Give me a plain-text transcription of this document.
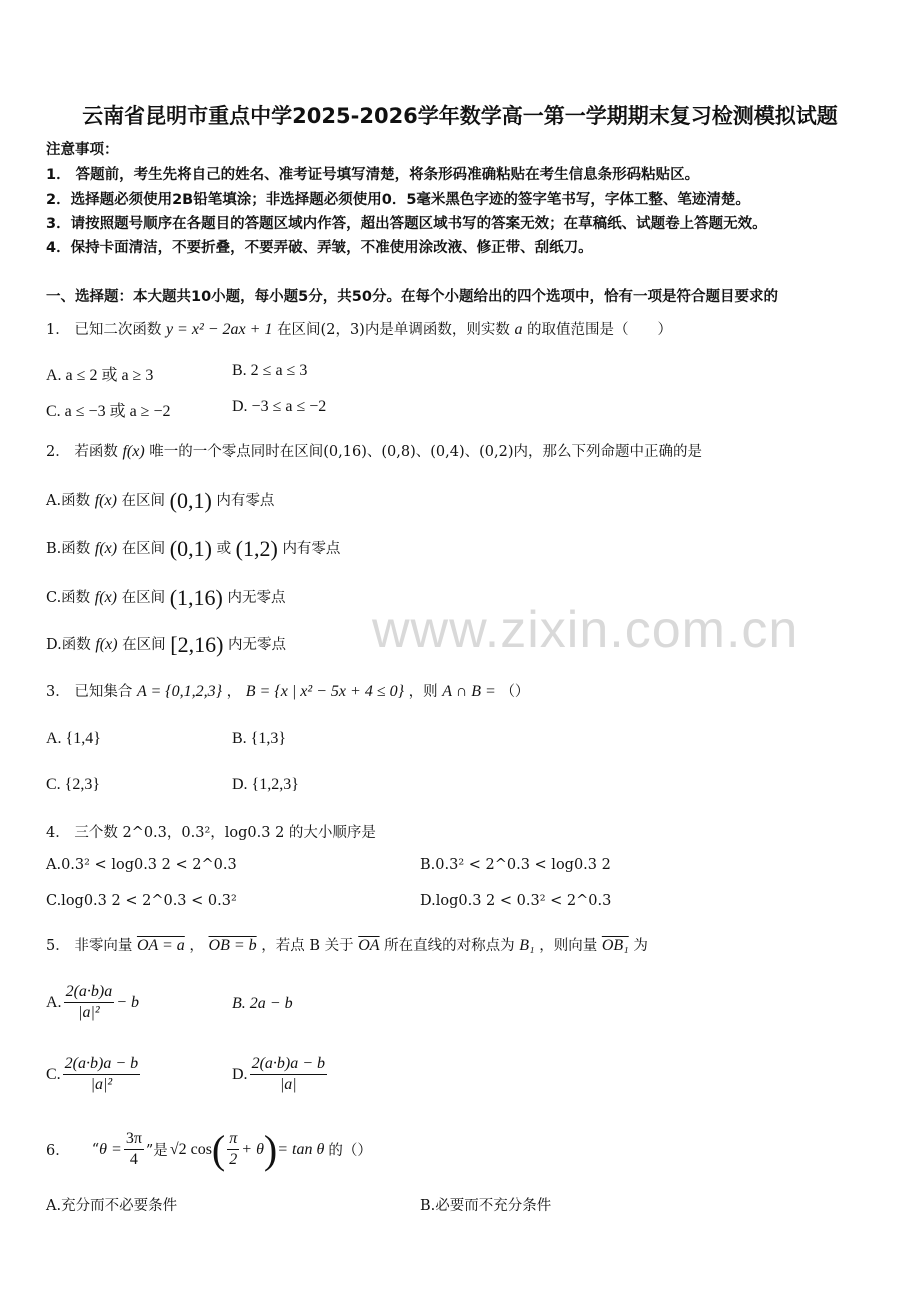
云南省昆明市重点中学2025-2026学年数学高一第一学期期末复习检测模拟试题
注意事项：
1． 答题前，考生先将自己的姓名、准考证号填写清楚，将条形码准确粘贴在考生信息条形码粘贴区。
2．选择题必须使用2B铅笔填涂；非选择题必须使用0．5毫米黑色字迹的签字笔书写，字体工整、笔迹清楚。
3．请按照题号顺序在各题目的答题区域内作答，超出答题区域书写的答案无效；在草稿纸、试题卷上答题无效。
4．保持卡面清洁，不要折叠，不要弄破、弄皱，不准使用涂改液、修正带、刮纸刀。
一、选择题：本大题共10小题，每小题5分，共50分。在每个小题给出的四个选项中，恰有一项是符合题目要求的
www.zixin.com.cn
1． 已知二次函数 y = x² − 2ax + 1 在区间(2，3)内是单调函数，则实数 a 的取值范围是（　　）
A. a ≤ 2 或 a ≥ 3	B. 2 ≤ a ≤ 3
C. a ≤ −3 或 a ≥ −2	D. −3 ≤ a ≤ −2
2． 若函数 f(x) 唯一的一个零点同时在区间(0,16)、(0,8)、(0,4)、(0,2)内，那么下列命题中正确的是
A.函数 f(x) 在区间 (0,1) 内有零点
B.函数 f(x) 在区间 (0,1) 或 (1,2) 内有零点
C.函数 f(x) 在区间 (1,16) 内无零点
D.函数 f(x) 在区间 [2,16) 内无零点
3． 已知集合 A = {0,1,2,3} ， B = {x | x² − 5x + 4 ≤ 0} ，则 A ∩ B = （）
A. {1,4}	B. {1,3}
C. {2,3}	D. {1,2,3}
4． 三个数 2^0.3，0.3²，log0.3 2 的大小顺序是
A.0.3² < log0.3 2 < 2^0.3	B.0.3² < 2^0.3 < log0.3 2
C.log0.3 2 < 2^0.3 < 0.3²	D.log0.3 2 < 0.3² < 2^0.3
5． 非零向量 OA = a ， OB = b ，若点 B 关于 $\overline{OA}$ 所在直线的对称点为 B₁ ，则向量 OB₁ 为
A. $\frac{2(a\cdot b)a}{\text{|a|²}} - b$	B. 2a − b
C. $\frac{2(a\cdot b)a - b}{\text{|a|²}}$	D. $\frac{2(a\cdot b)a - b}{|a|}$
6． “ $\theta = \frac{3\pi}{4}$ ”是 √2 cos ( $\frac{\pi}{2} + \theta$ ) = tan θ 的（）
A.充分而不必要条件	B.必要而不充分条件
